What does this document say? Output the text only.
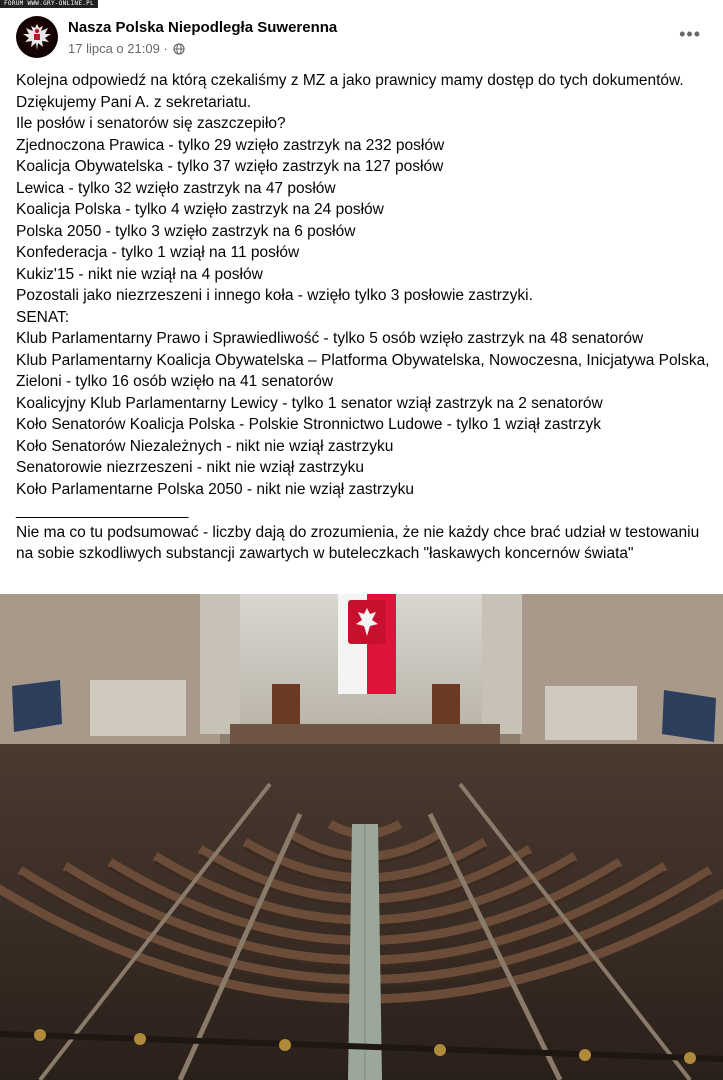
FORUM WWW.GRY-ONLINE.PL
Nasza Polska Niepodległa Suwerenna
17 lipca o 21:09 ·
•••
Kolejna odpowiedź na którą czekaliśmy z MZ a jako prawnicy mamy dostęp do tych dokumentów.
Dziękujemy Pani A. z sekretariatu.
Ile posłów i senatorów się zaszczepiło?
Zjednoczona Prawica - tylko 29 wzięło zastrzyk na 232 posłów
Koalicja Obywatelska - tylko 37 wzięło zastrzyk na 127 posłów
Lewica - tylko 32 wzięło zastrzyk na 47 posłów
Koalicja Polska - tylko 4 wzięło zastrzyk na 24 posłów
Polska 2050 - tylko 3 wzięło zastrzyk na 6 posłów
Konfederacja - tylko 1 wziął na 11 posłów
Kukiz'15 - nikt nie wziął na 4 posłów
Pozostali jako niezrzeszeni i innego koła - wzięło tylko 3 posłowie zastrzyki.
SENAT:
Klub Parlamentarny Prawo i Sprawiedliwość - tylko 5 osób wzięło zastrzyk na 48 senatorów
Klub Parlamentarny Koalicja Obywatelska – Platforma Obywatelska, Nowoczesna, Inicjatywa Polska, Zieloni - tylko 16 osób wzięło na 41 senatorów
Koalicyjny Klub Parlamentarny Lewicy - tylko 1 senator wziął zastrzyk na 2 senatorów
Koło Senatorów Koalicja Polska - Polskie Stronnictwo Ludowe - tylko 1 wziął zastrzyk
Koło Senatorów Niezależnych - nikt nie wziął zastrzyku
Senatorowie niezrzeszeni - nikt nie wziął zastrzyku
Koło Parlamentarne Polska 2050 - nikt nie wziął zastrzyku
____________________
Nie ma co tu podsumować - liczby dają do zrozumienia, że nie każdy chce brać udział w testowaniu na sobie szkodliwych substancji zawartych w buteleczkach "łaskawych koncernów świata"
